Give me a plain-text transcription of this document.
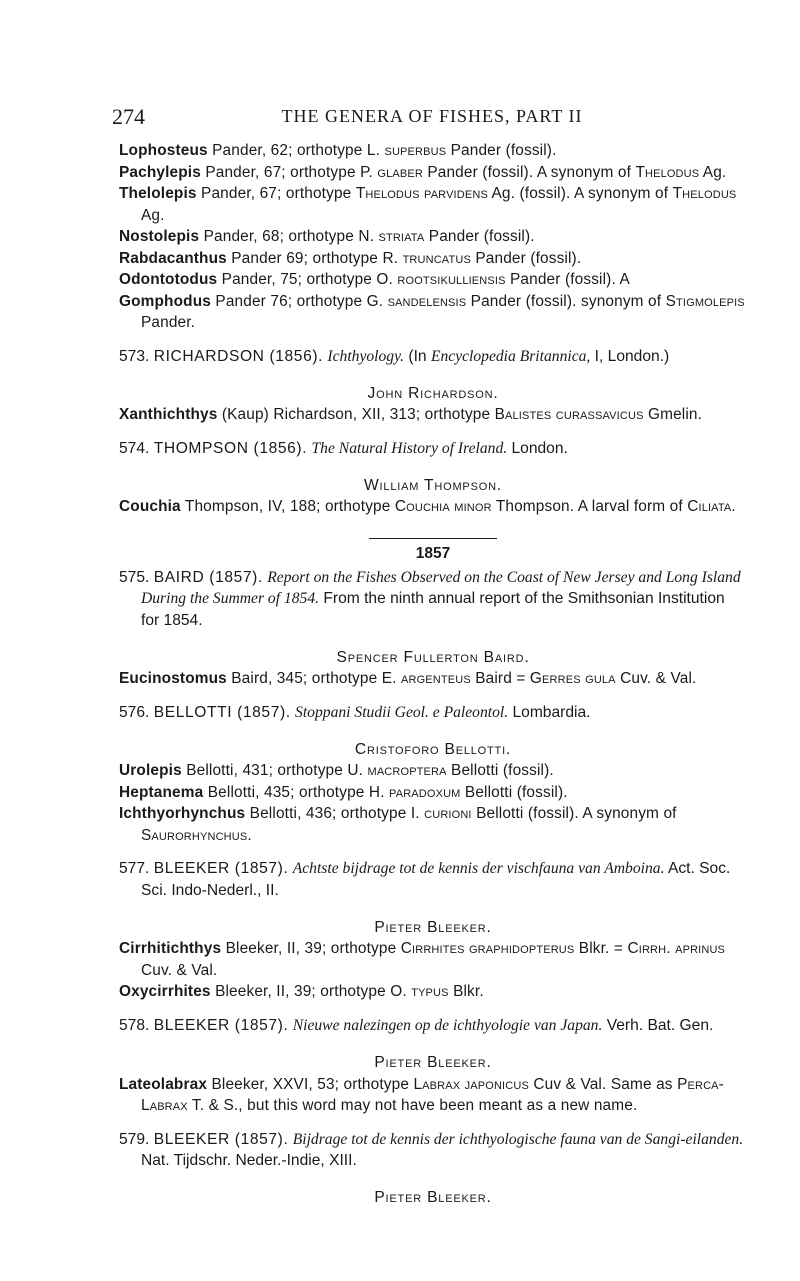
274	THE GENERA OF FISHES, PART II

Lophosteus Pander, 62; orthotype L. superbus Pander (fossil).

Pachylepis Pander, 67; orthotype P. glaber Pander (fossil). A synonym of Thelodus Ag.

Thelolepis Pander, 67; orthotype Thelodus parvidens Ag. (fossil). A synonym of Thelodus Ag.

Nostolepis Pander, 68; orthotype N. striata Pander (fossil).

Rabdacanthus Pander 69; orthotype R. truncatus Pander (fossil).

Odontotodus Pander, 75; orthotype O. rootsikulliensis Pander (fossil). A

Gomphodus Pander 76; orthotype G. sandelensis Pander (fossil). synonym of Stigmolepis Pander.

573. RICHARDSON (1856). Ichthyology. (In Encyclopedia Britannica, I, London.)

John Richardson.

Xanthichthys (Kaup) Richardson, XII, 313; orthotype Balistes curassavicus Gmelin.

574. THOMPSON (1856). The Natural History of Ireland. London.

William Thompson.

Couchia Thompson, IV, 188; orthotype Couchia minor Thompson. A larval form of Ciliata.

1857

575. BAIRD (1857). Report on the Fishes Observed on the Coast of New Jersey and Long Island During the Summer of 1854. From the ninth annual report of the Smithsonian Institution for 1854.

Spencer Fullerton Baird.

Eucinostomus Baird, 345; orthotype E. argenteus Baird = Gerres gula Cuv. & Val.

576. BELLOTTI (1857). Stoppani Studii Geol. e Paleontol. Lombardia.

Cristoforo Bellotti.

Urolepis Bellotti, 431; orthotype U. macroptera Bellotti (fossil).

Heptanema Bellotti, 435; orthotype H. paradoxum Bellotti (fossil).

Ichthyorhynchus Bellotti, 436; orthotype I. curioni Bellotti (fossil). A synonym of Saurorhynchus.

577. BLEEKER (1857). Achtste bijdrage tot de kennis der vischfauna van Amboina. Act. Soc. Sci. Indo-Nederl., II.

Pieter Bleeker.

Cirrhitichthys Bleeker, II, 39; orthotype Cirrhites graphidopterus Blkr. = Cirrh. aprinus Cuv. & Val.

Oxycirrhites Bleeker, II, 39; orthotype O. typus Blkr.

578. BLEEKER (1857). Nieuwe nalezingen op de ichthyologie van Japan. Verh. Bat. Gen.

Pieter Bleeker.

Lateolabrax Bleeker, XXVI, 53; orthotype Labrax japonicus Cuv & Val. Same as Perca-Labrax T. & S., but this word may not have been meant as a new name.

579. BLEEKER (1857). Bijdrage tot de kennis der ichthyologische fauna van de Sangi-eilanden. Nat. Tijdschr. Neder.-Indie, XIII.

Pieter Bleeker.
